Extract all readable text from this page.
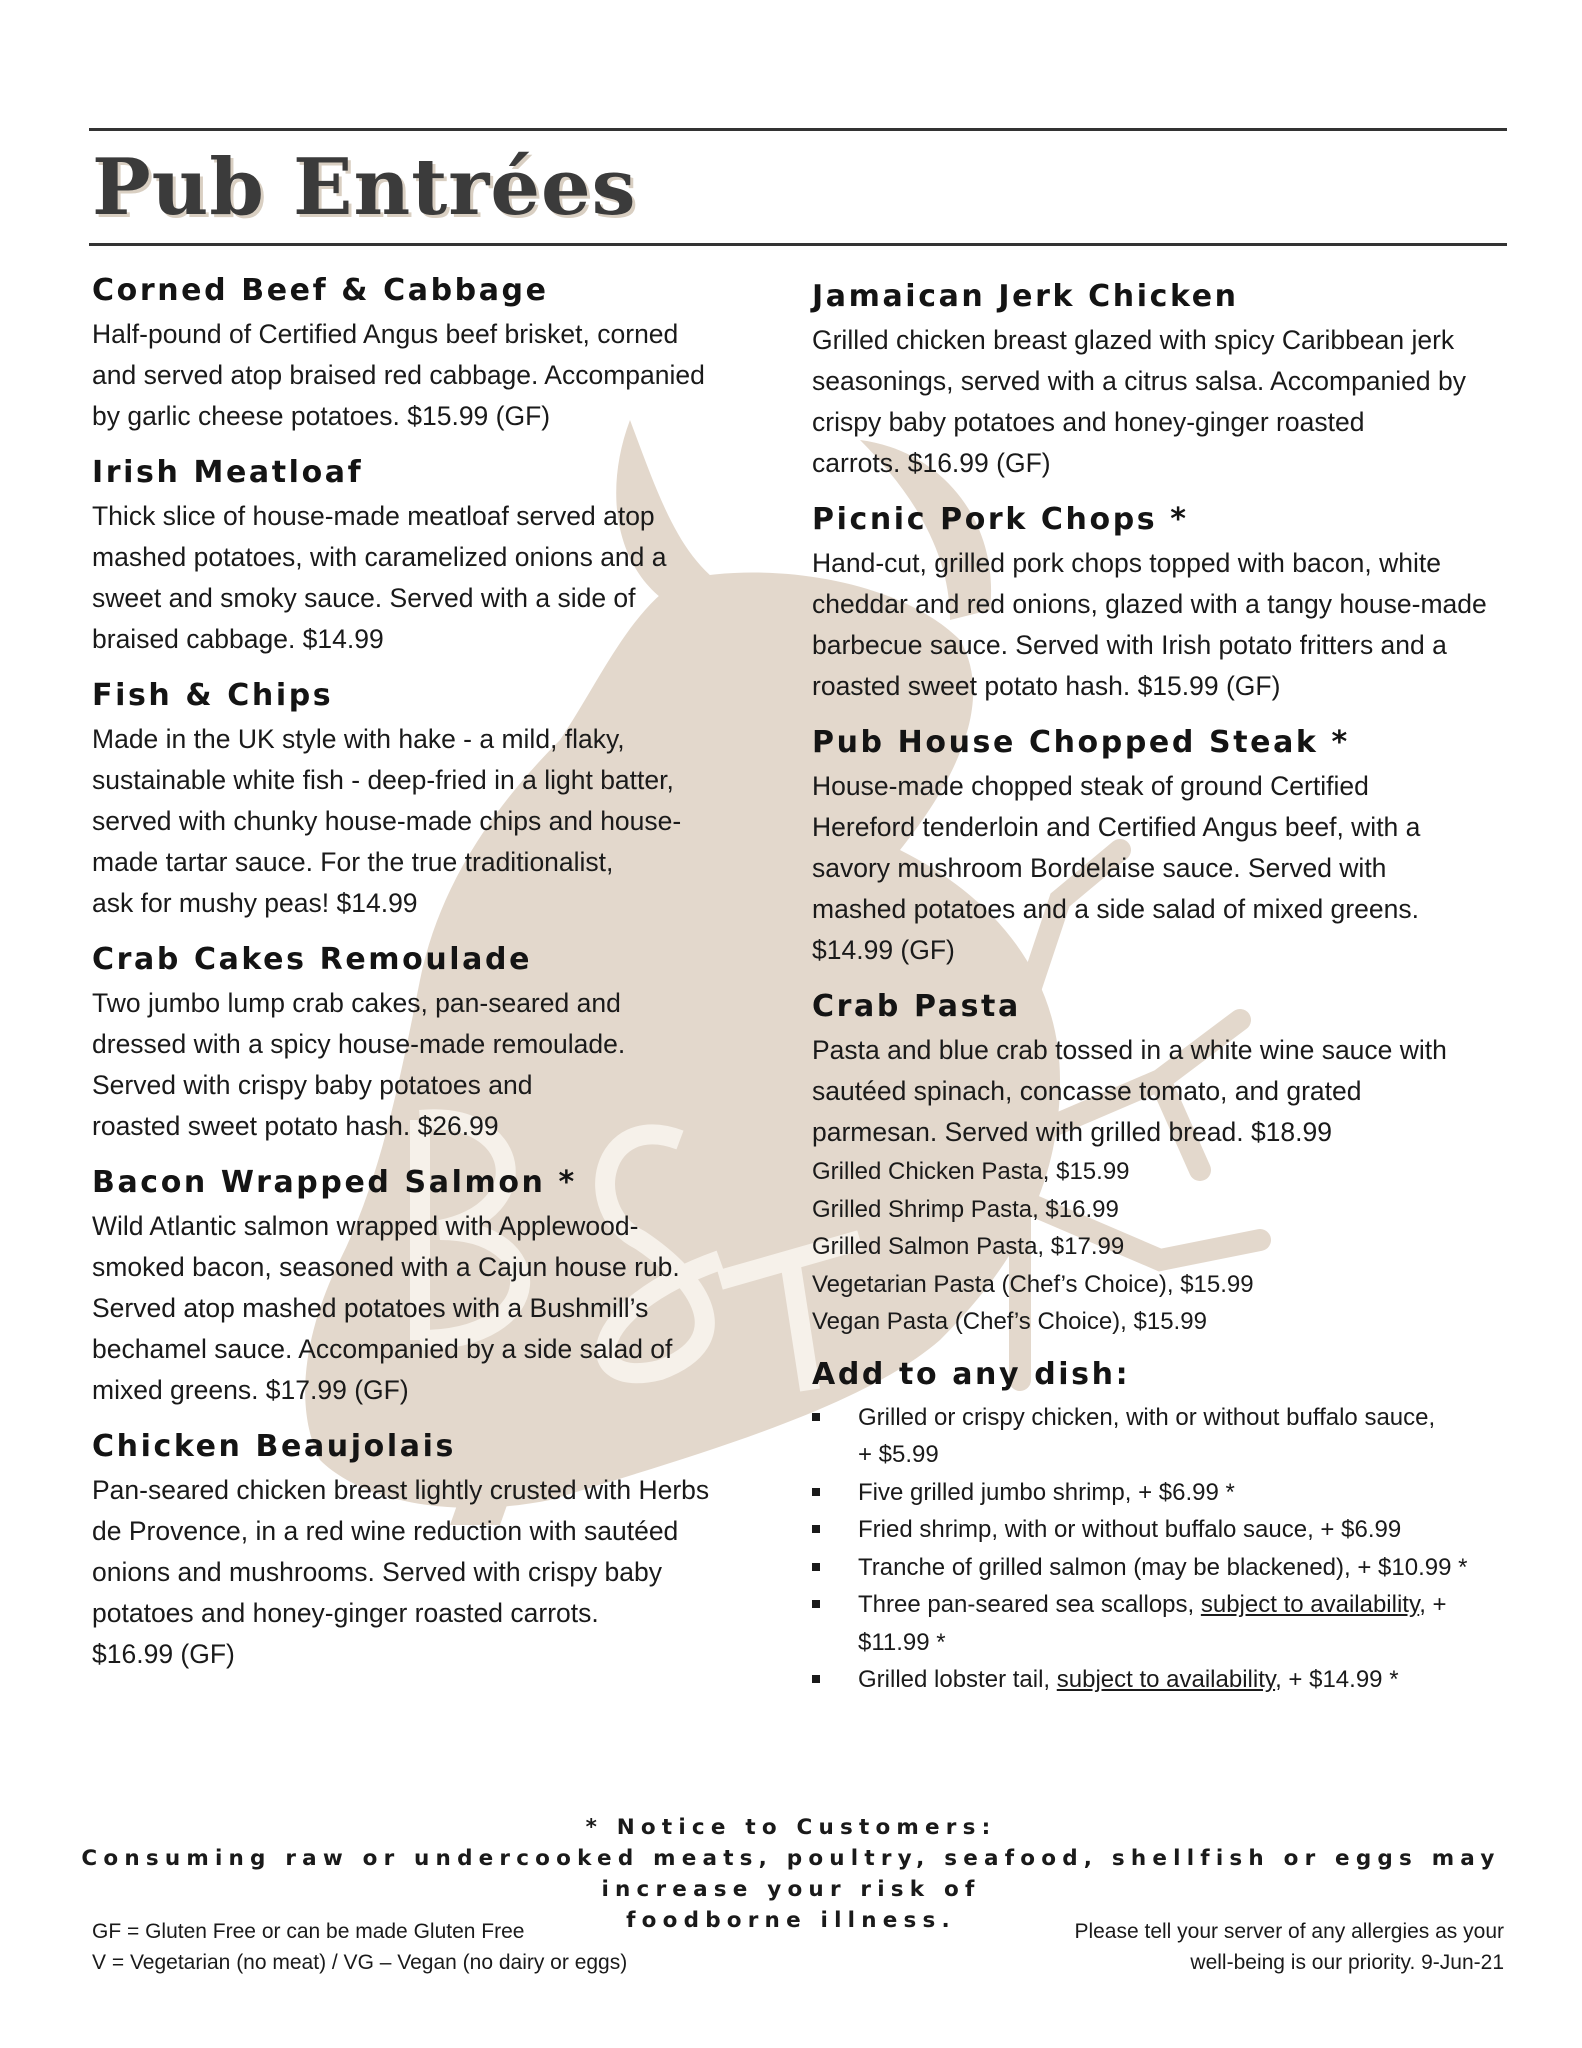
Pub Entrées
Corned Beef & Cabbage

Half-pound of Certified Angus beef brisket, corned
and served atop braised red cabbage. Accompanied
by garlic cheese potatoes. $15.99 (GF)

Irish Meatloaf

Thick slice of house-made meatloaf served atop
mashed potatoes, with caramelized onions and a
sweet and smoky sauce. Served with a side of
braised cabbage. $14.99

Fish & Chips

Made in the UK style with hake - a mild, flaky,
sustainable white fish - deep-fried in a light batter,
served with chunky house-made chips and house-
made tartar sauce. For the true traditionalist,
ask for mushy peas! $14.99

Crab Cakes Remoulade

Two jumbo lump crab cakes, pan-seared and
dressed with a spicy house-made remoulade.
Served with crispy baby potatoes and
roasted sweet potato hash. $26.99

Bacon Wrapped Salmon *

Wild Atlantic salmon wrapped with Applewood-
smoked bacon, seasoned with a Cajun house rub.
Served atop mashed potatoes with a Bushmill’s
bechamel sauce. Accompanied by a side salad of
mixed greens. $17.99 (GF)

Chicken Beaujolais

Pan-seared chicken breast lightly crusted with Herbs
de Provence, in a red wine reduction with sautéed
onions and mushrooms. Served with crispy baby
potatoes and honey-ginger roasted carrots.
$16.99 (GF)

Jamaican Jerk Chicken

Grilled chicken breast glazed with spicy Caribbean jerk
seasonings, served with a citrus salsa. Accompanied by
crispy baby potatoes and honey-ginger roasted
carrots. $16.99 (GF)

Picnic Pork Chops *

Hand-cut, grilled pork chops topped with bacon, white
cheddar and red onions, glazed with a tangy house-made
barbecue sauce. Served with Irish potato fritters and a
roasted sweet potato hash. $15.99 (GF)

Pub House Chopped Steak *

House-made chopped steak of ground Certified
Hereford tenderloin and Certified Angus beef, with a
savory mushroom Bordelaise sauce. Served with
mashed potatoes and a side salad of mixed greens.
$14.99 (GF)

Crab Pasta

Pasta and blue crab tossed in a white wine sauce with
sautéed spinach, concasse tomato, and grated
parmesan. Served with grilled bread. $18.99

Grilled Chicken Pasta, $15.99
Grilled Shrimp Pasta, $16.99
Grilled Salmon Pasta, $17.99
Vegetarian Pasta (Chef’s Choice), $15.99
Vegan Pasta (Chef’s Choice), $15.99
Add to any dish:
Grilled or crispy chicken, with or without buffalo sauce,
+ $5.99
Five grilled jumbo shrimp, + $6.99 *
Fried shrimp, with or without buffalo sauce, + $6.99
Tranche of grilled salmon (may be blackened), + $10.99 *
Three pan-seared sea scallops, subject to availability, +
$11.99 *
Grilled lobster tail, subject to availability, + $14.99 *

* Notice to Customers:

Consuming raw or undercooked meats, poultry, seafood, shellfish or eggs may increase your risk of

foodborne illness.

GF = Gluten Free or can be made Gluten Free

V = Vegetarian (no meat) / VG – Vegan (no dairy or eggs)

Please tell your server of any allergies as your

well-being is our priority. 9-Jun-21
